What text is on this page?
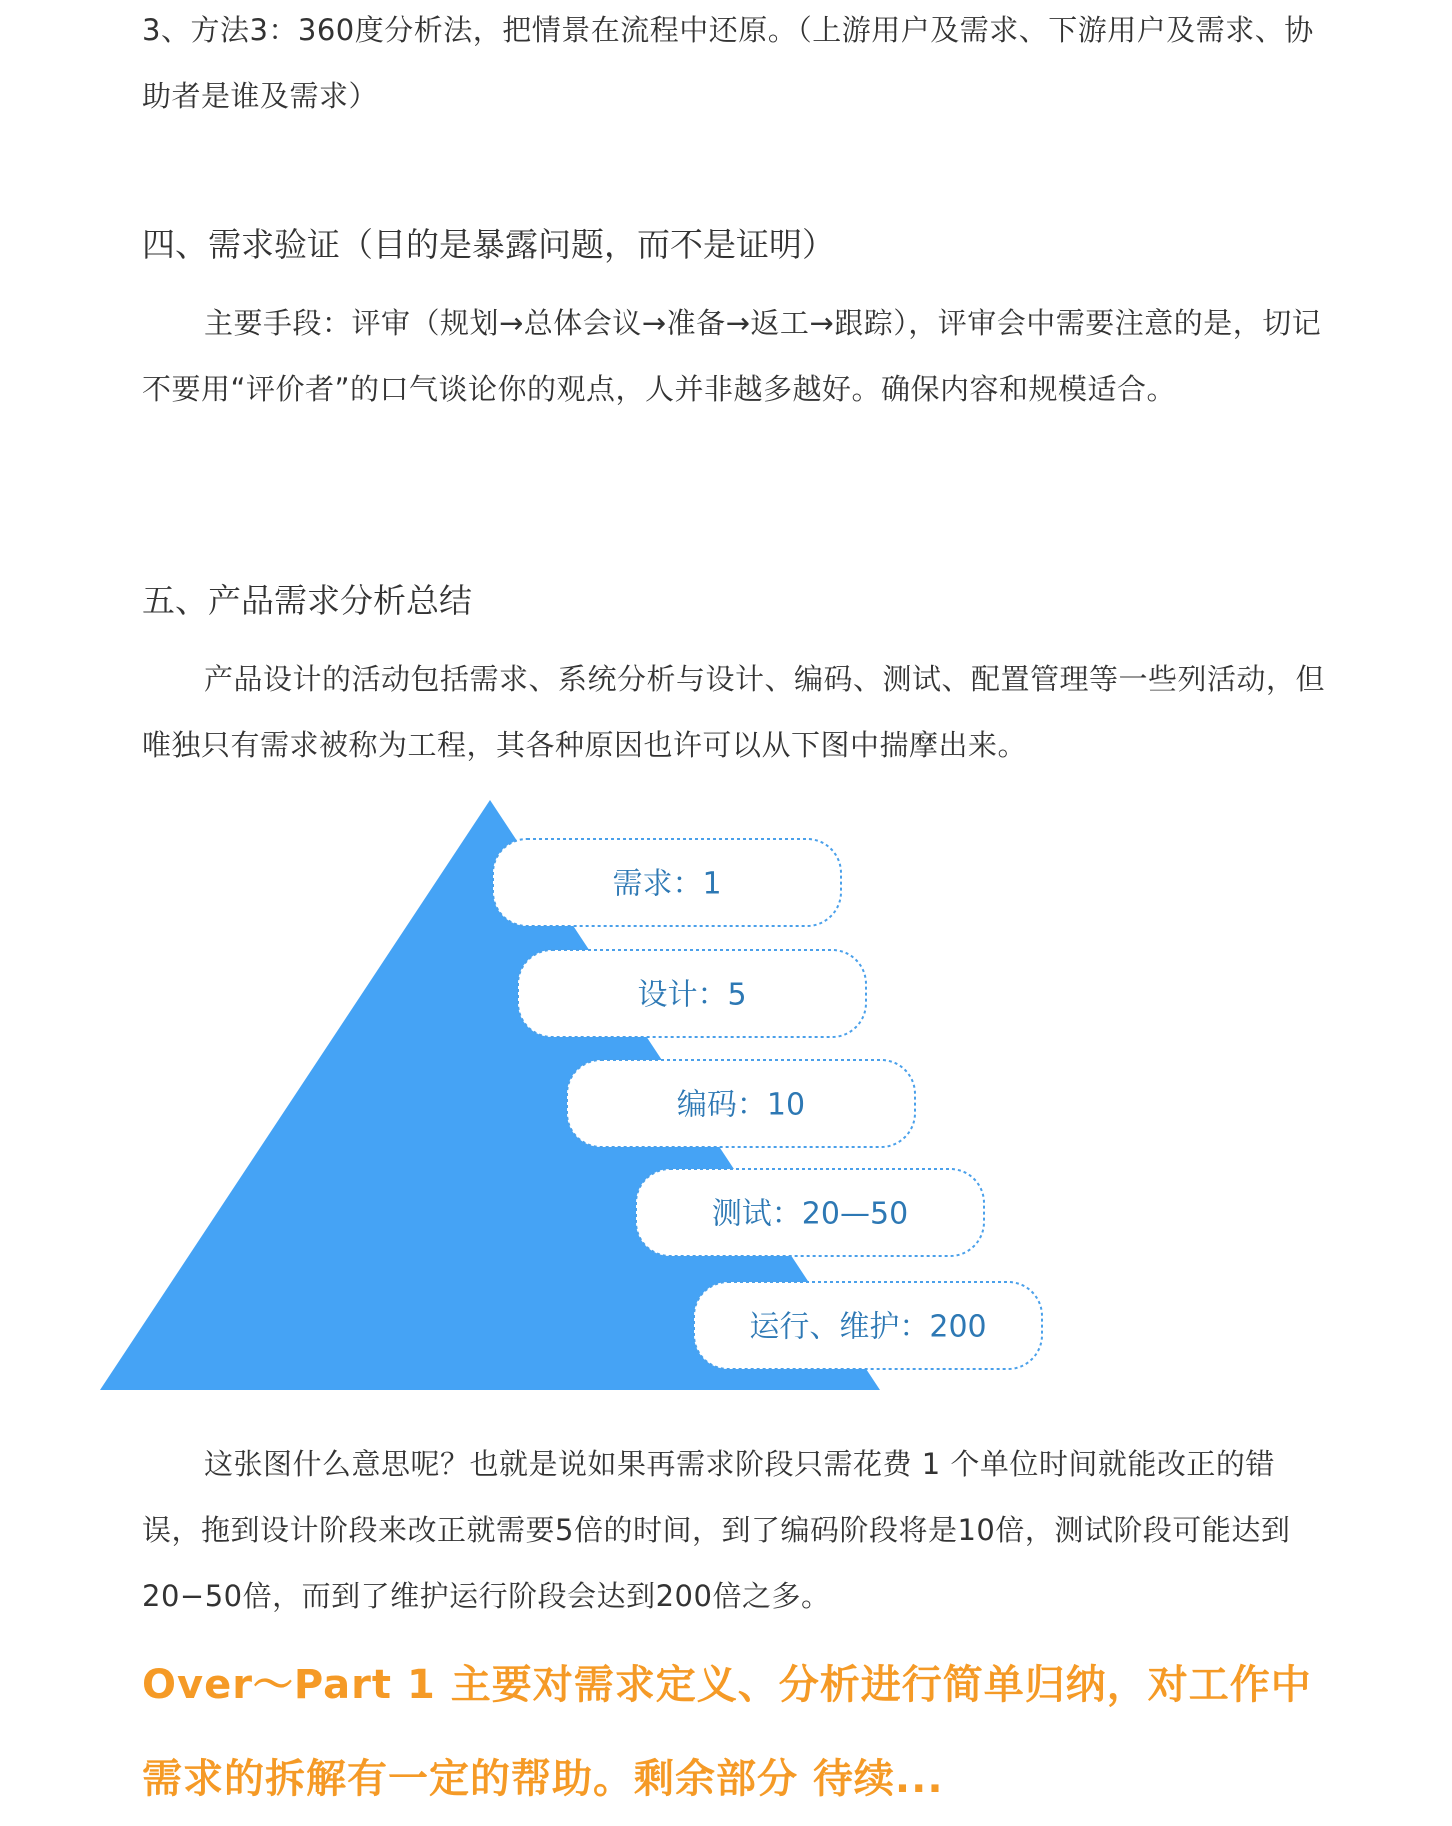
3、方法3：360度分析法，把情景在流程中还原。（上游用户及需求、下游用户及需求、协助者是谁及需求）

四、需求验证（目的是暴露问题，而不是证明）

主要手段：评审（规划→总体会议→准备→返工→跟踪），评审会中需要注意的是，切记不要用“评价者”的口气谈论你的观点，人并非越多越好。确保内容和规模适合。

五、产品需求分析总结

产品设计的活动包括需求、系统分析与设计、编码、测试、配置管理等一些列活动，但唯独只有需求被称为工程，其各种原因也许可以从下图中揣摩出来。

这张图什么意思呢？也就是说如果再需求阶段只需花费 1 个单位时间就能改正的错误，拖到设计阶段来改正就需要5倍的时间，到了编码阶段将是10倍，测试阶段可能达到20−50倍，而到了维护运行阶段会达到200倍之多。

Over～Part 1 主要对需求定义、分析进行简单归纳，对工作中需求的拆解有一定的帮助。剩余部分 待续...

需求：1
设计：5
编码：10
测试：20—50
运行、维护：200
